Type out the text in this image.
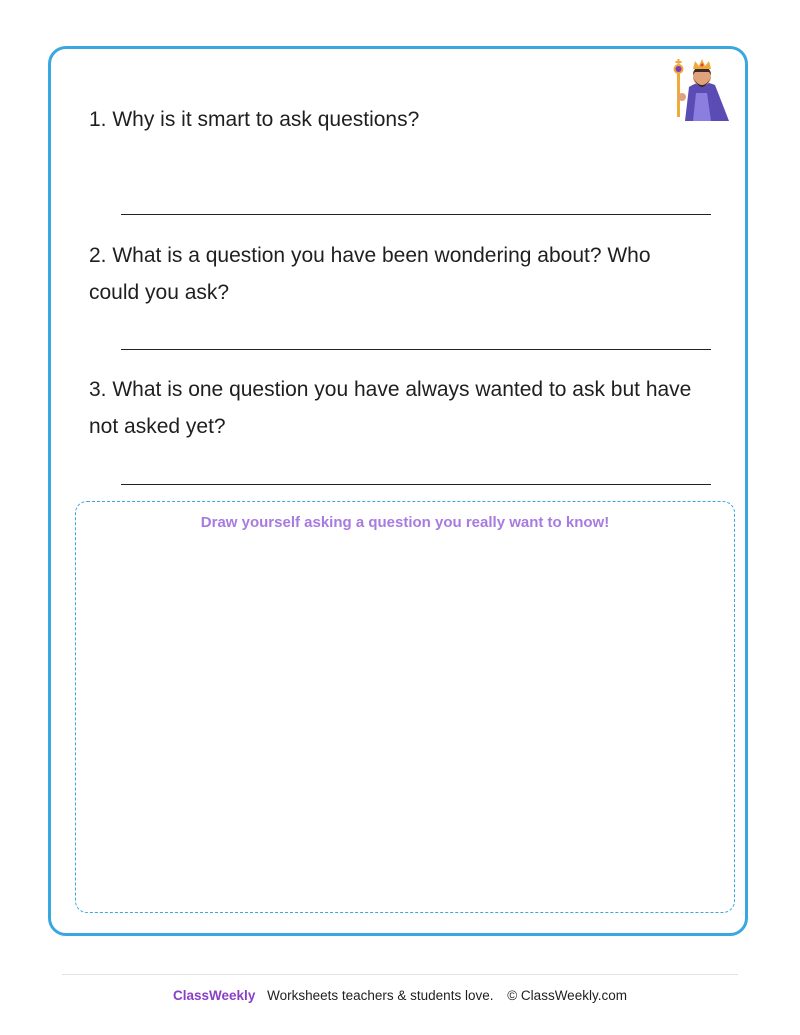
1. Why is it smart to ask questions?
2. What is a question you have been wondering about? Who could you ask?
3. What is one question you have always wanted to ask but have not asked yet?
Draw yourself asking a question you really want to know!
ClassWeekly Worksheets teachers & students love. © ClassWeekly.com
